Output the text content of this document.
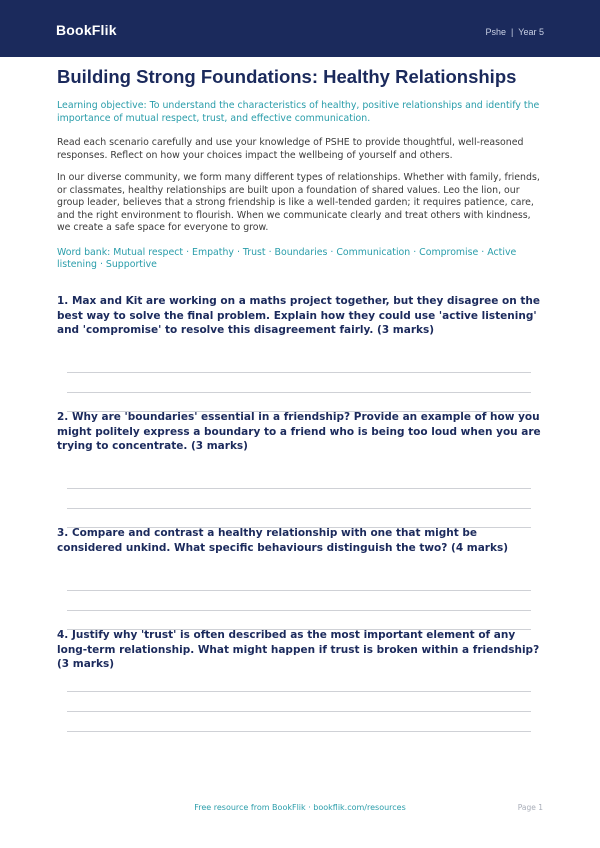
BookFlik	Pshe | Year 5
Building Strong Foundations: Healthy Relationships
Learning objective: To understand the characteristics of healthy, positive relationships and identify the importance of mutual respect, trust, and effective communication.
Read each scenario carefully and use your knowledge of PSHE to provide thoughtful, well-reasoned responses. Reflect on how your choices impact the wellbeing of yourself and others.
In our diverse community, we form many different types of relationships. Whether with family, friends, or classmates, healthy relationships are built upon a foundation of shared values. Leo the lion, our group leader, believes that a strong friendship is like a well-tended garden; it requires patience, care, and the right environment to flourish. When we communicate clearly and treat others with kindness, we create a safe space for everyone to grow.
Word bank: Mutual respect · Empathy · Trust · Boundaries · Communication · Compromise · Active listening · Supportive
1. Max and Kit are working on a maths project together, but they disagree on the best way to solve the final problem. Explain how they could use 'active listening' and 'compromise' to resolve this disagreement fairly. (3 marks)
2. Why are 'boundaries' essential in a friendship? Provide an example of how you might politely express a boundary to a friend who is being too loud when you are trying to concentrate. (3 marks)
3. Compare and contrast a healthy relationship with one that might be considered unkind. What specific behaviours distinguish the two? (4 marks)
4. Justify why 'trust' is often described as the most important element of any long-term relationship. What might happen if trust is broken within a friendship? (3 marks)
Free resource from BookFlik · bookflik.com/resources	Page 1
